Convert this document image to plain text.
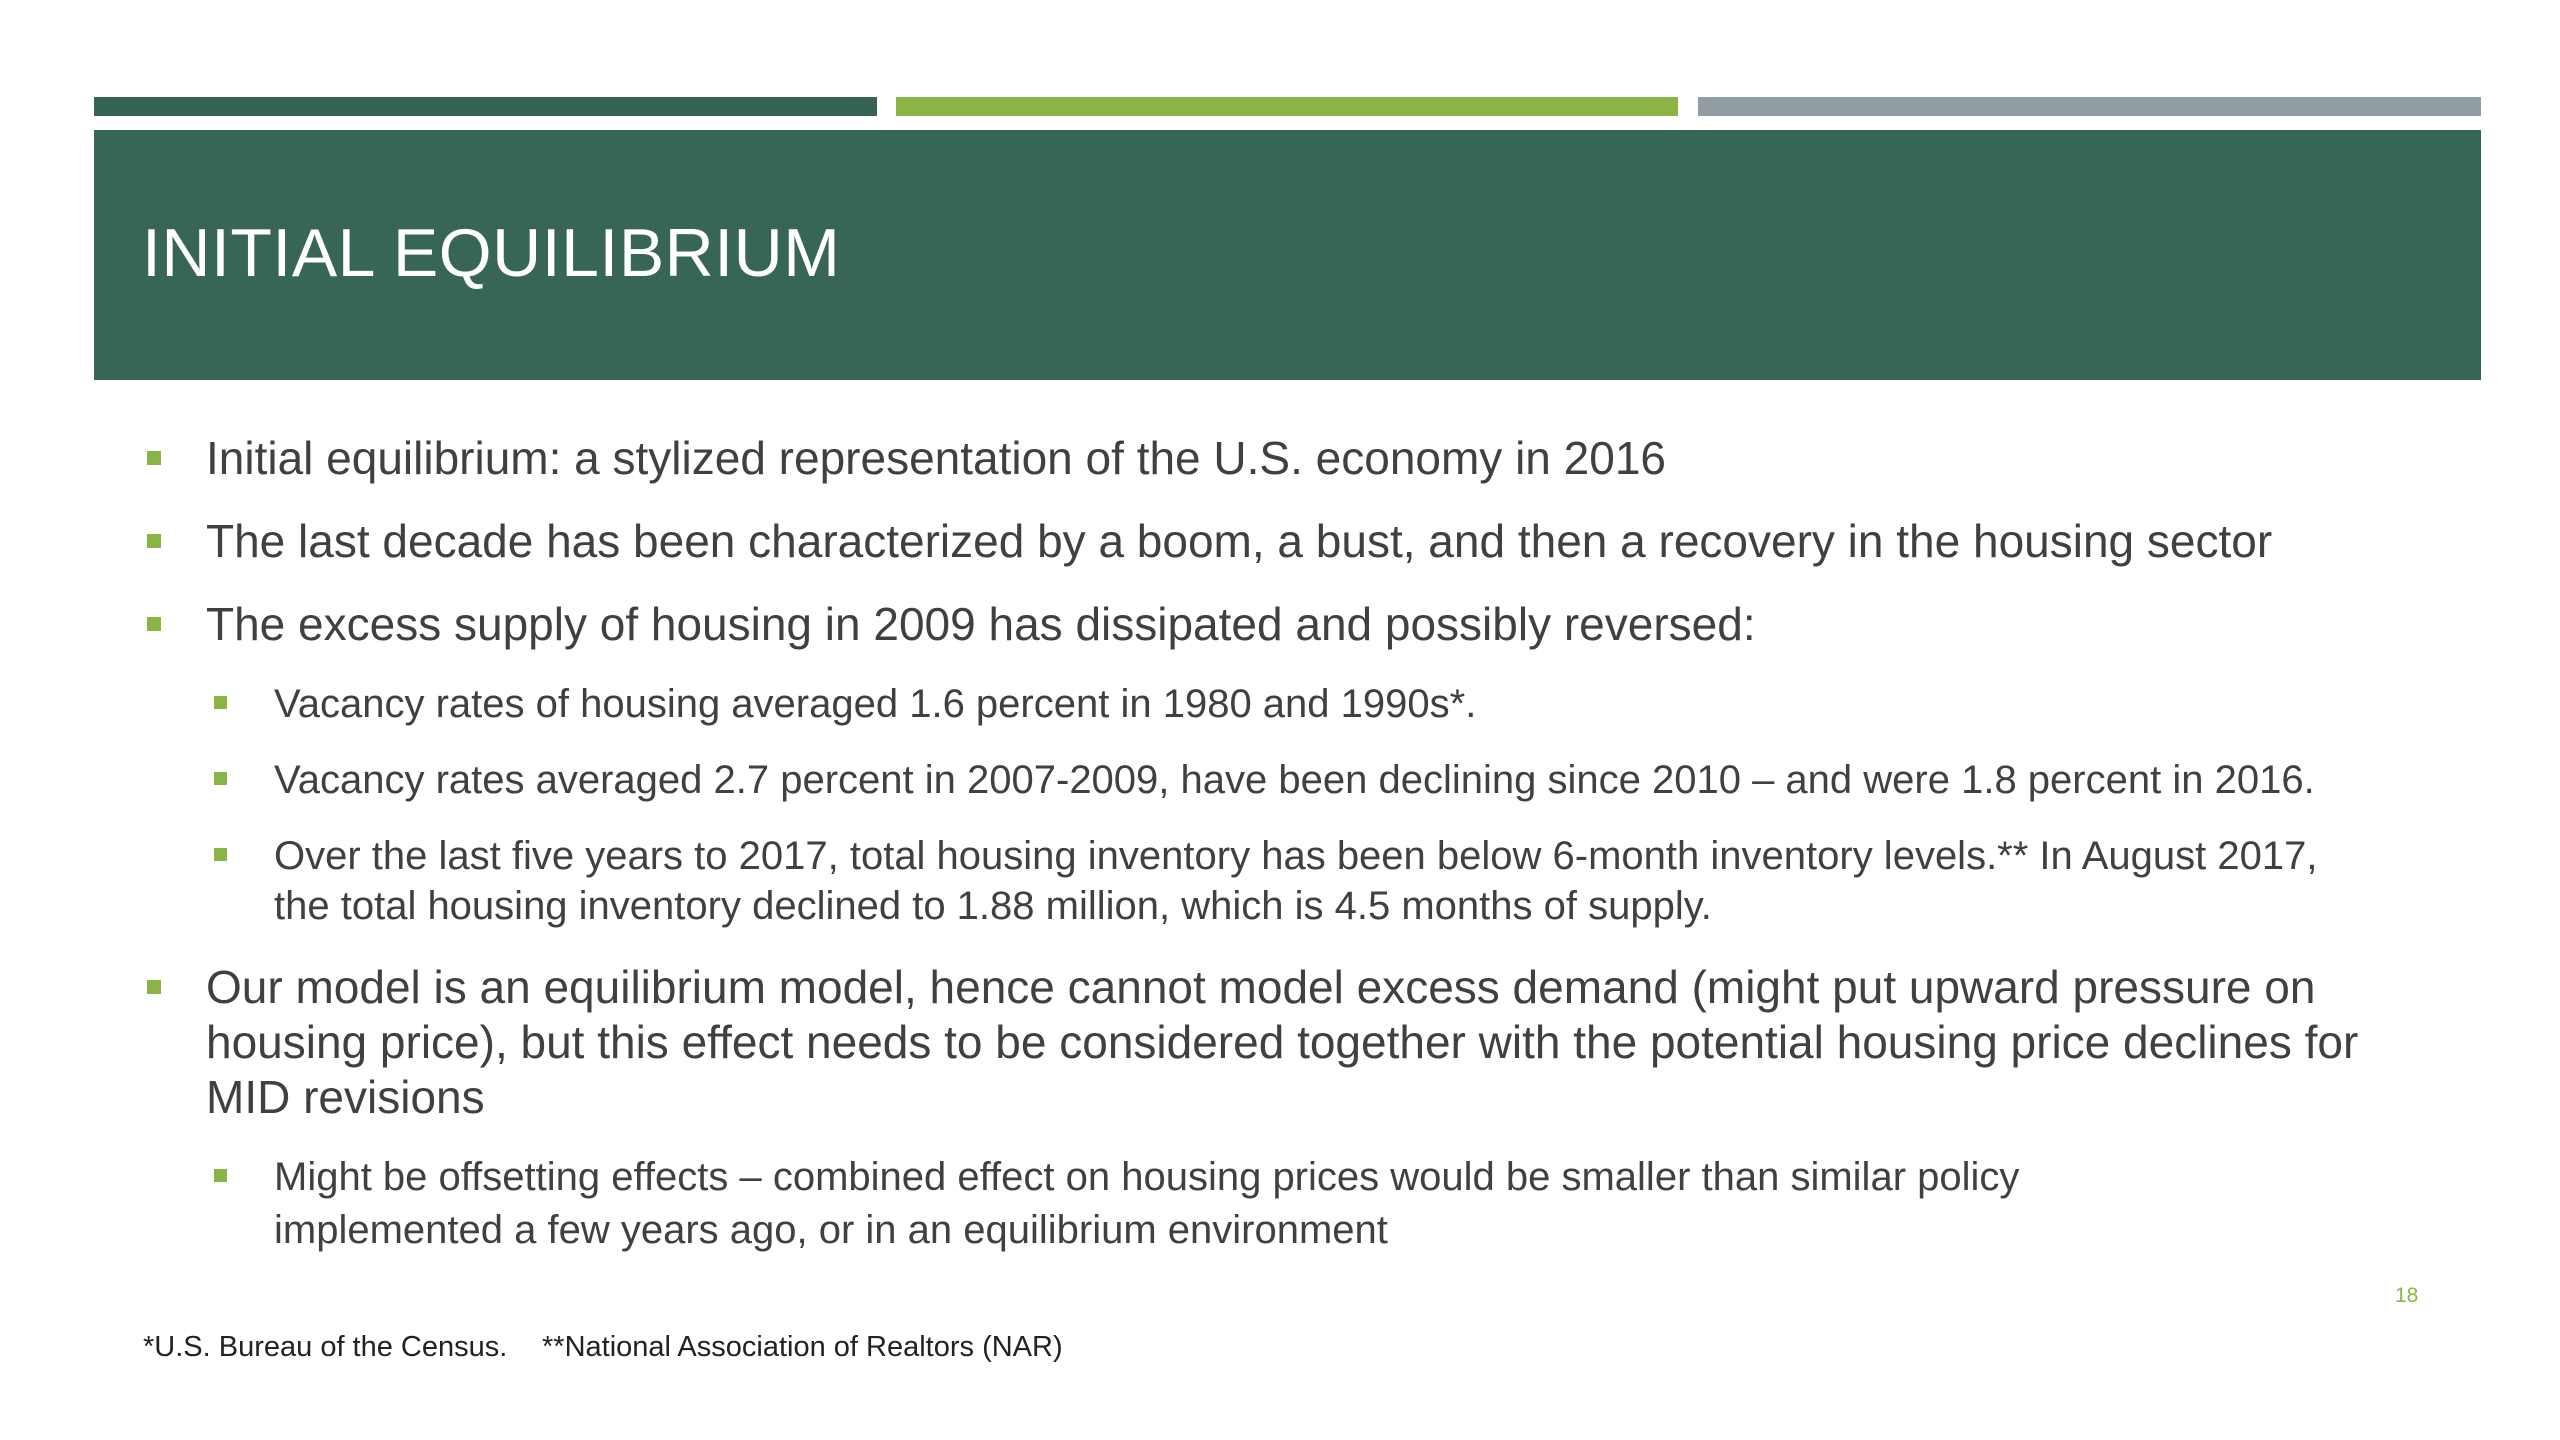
INITIAL EQUILIBRIUM

Initial equilibrium: a stylized representation of the U.S. economy in 2016

The last decade has been characterized by a boom, a bust, and then a recovery in the housing sector

The excess supply of housing in 2009 has dissipated and possibly reversed:

Vacancy rates of housing averaged 1.6 percent in 1980 and 1990s*.

Vacancy rates averaged 2.7 percent in 2007-2009, have been declining since 2010 – and were 1.8 percent in 2016.

Over the last five years to 2017, total housing inventory has been below 6-month inventory levels.** In August 2017,

the total housing inventory declined to 1.88 million, which is 4.5 months of supply.

Our model is an equilibrium model, hence cannot model excess demand (might put upward pressure on

housing price), but this effect needs to be considered together with the potential housing price declines for

MID revisions

Might be offsetting effects – combined effect on housing prices would be smaller than similar policy

implemented a few years ago, or in an equilibrium environment

18
*U.S. Bureau of the Census. **National Association of Realtors (NAR)
